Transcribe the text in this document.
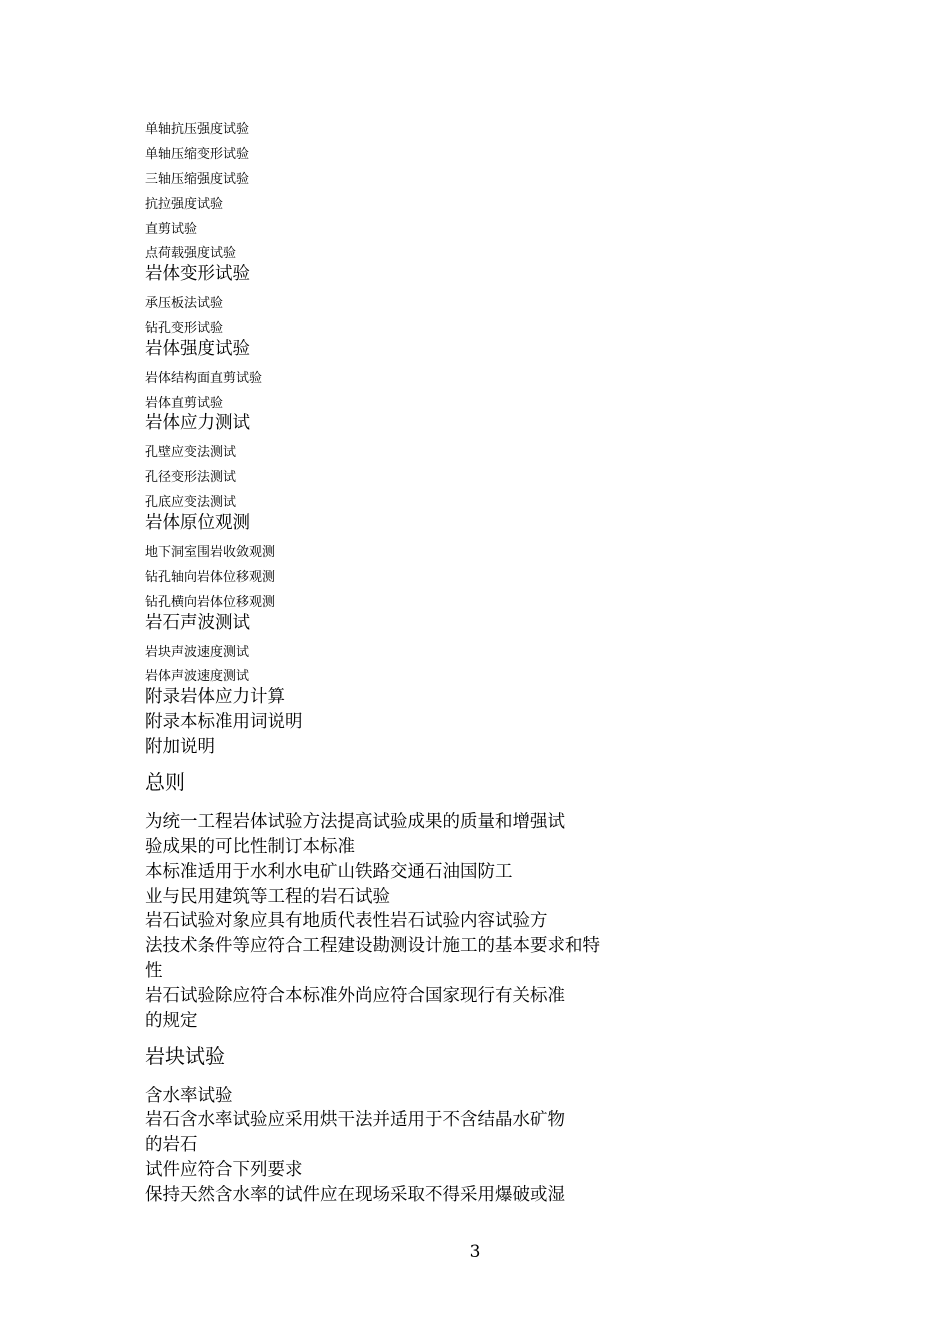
单轴抗压强度试验
单轴压缩变形试验
三轴压缩强度试验
抗拉强度试验
直剪试验
点荷载强度试验
岩体变形试验
承压板法试验
钻孔变形试验
岩体强度试验
岩体结构面直剪试验
岩体直剪试验
岩体应力测试
孔壁应变法测试
孔径变形法测试
孔底应变法测试
岩体原位观测
地下洞室围岩收敛观测
钻孔轴向岩体位移观测
钻孔横向岩体位移观测
岩石声波测试
岩块声波速度测试
岩体声波速度测试
附录岩体应力计算
附录本标准用词说明
附加说明
总则
为统一工程岩体试验方法提高试验成果的质量和增强试
验成果的可比性制订本标准
本标准适用于水利水电矿山铁路交通石油国防工
业与民用建筑等工程的岩石试验
岩石试验对象应具有地质代表性岩石试验内容试验方
法技术条件等应符合工程建设勘测设计施工的基本要求和特
性
岩石试验除应符合本标准外尚应符合国家现行有关标准
的规定
岩块试验
含水率试验
岩石含水率试验应采用烘干法并适用于不含结晶水矿物
的岩石
试件应符合下列要求
保持天然含水率的试件应在现场采取不得采用爆破或湿
3
